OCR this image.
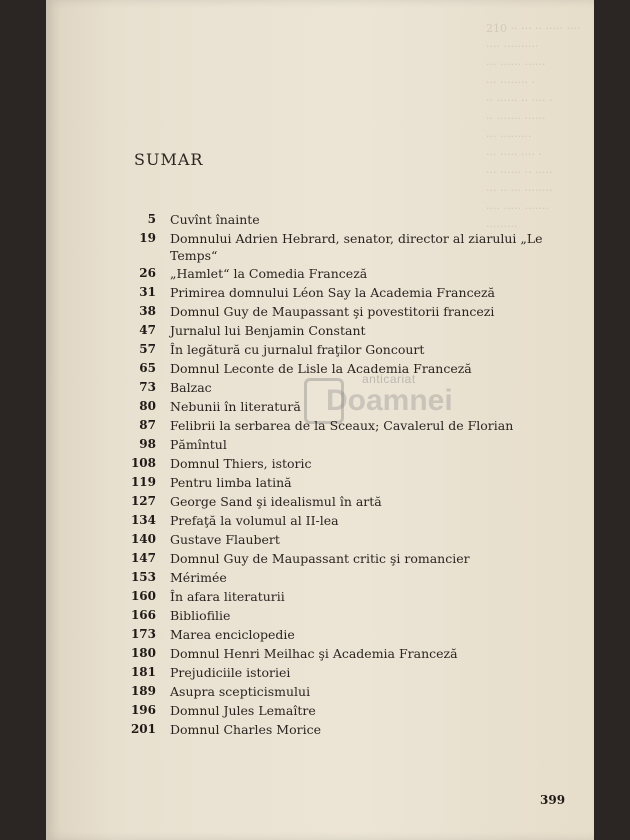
210 ·· ··· ·· ····· ····
···· ··········
··· ······ ······
··· ········ ·
·· ······ ·· ···· ·
·· ······· ······
··· ·········
··· ····· ···· ·
··· ······ ·· ·····
··· ·· ··· ········
···· ····· ·······
·········
anticariat
Doamnei
SUMAR
5	Cuvînt înainte
19	Domnului Adrien Hebrard, senator, director al ziarului „Le Temps“
26	„Hamlet“ la Comedia Franceză
31	Primirea domnului Léon Say la Academia Franceză
38	Domnul Guy de Maupassant şi povestitorii francezi
47	Jurnalul lui Benjamin Constant
57	În legătură cu jurnalul fraţilor Goncourt
65	Domnul Leconte de Lisle la Academia Franceză
73	Balzac
80	Nebunii în literatură
87	Felibrii la serbarea de la Sceaux; Cavalerul de Florian
98	Pămîntul
108	Domnul Thiers, istoric
119	Pentru limba latină
127	George Sand şi idealismul în artă
134	Prefaţă la volumul al II-lea
140	Gustave Flaubert
147	Domnul Guy de Maupassant critic şi romancier
153	Mérimée
160	În afara literaturii
166	Bibliofilie
173	Marea enciclopedie
180	Domnul Henri Meilhac şi Academia Franceză
181	Prejudiciile istoriei
189	Asupra scepticismului
196	Domnul Jules Lemaître
201	Domnul Charles Morice
399
